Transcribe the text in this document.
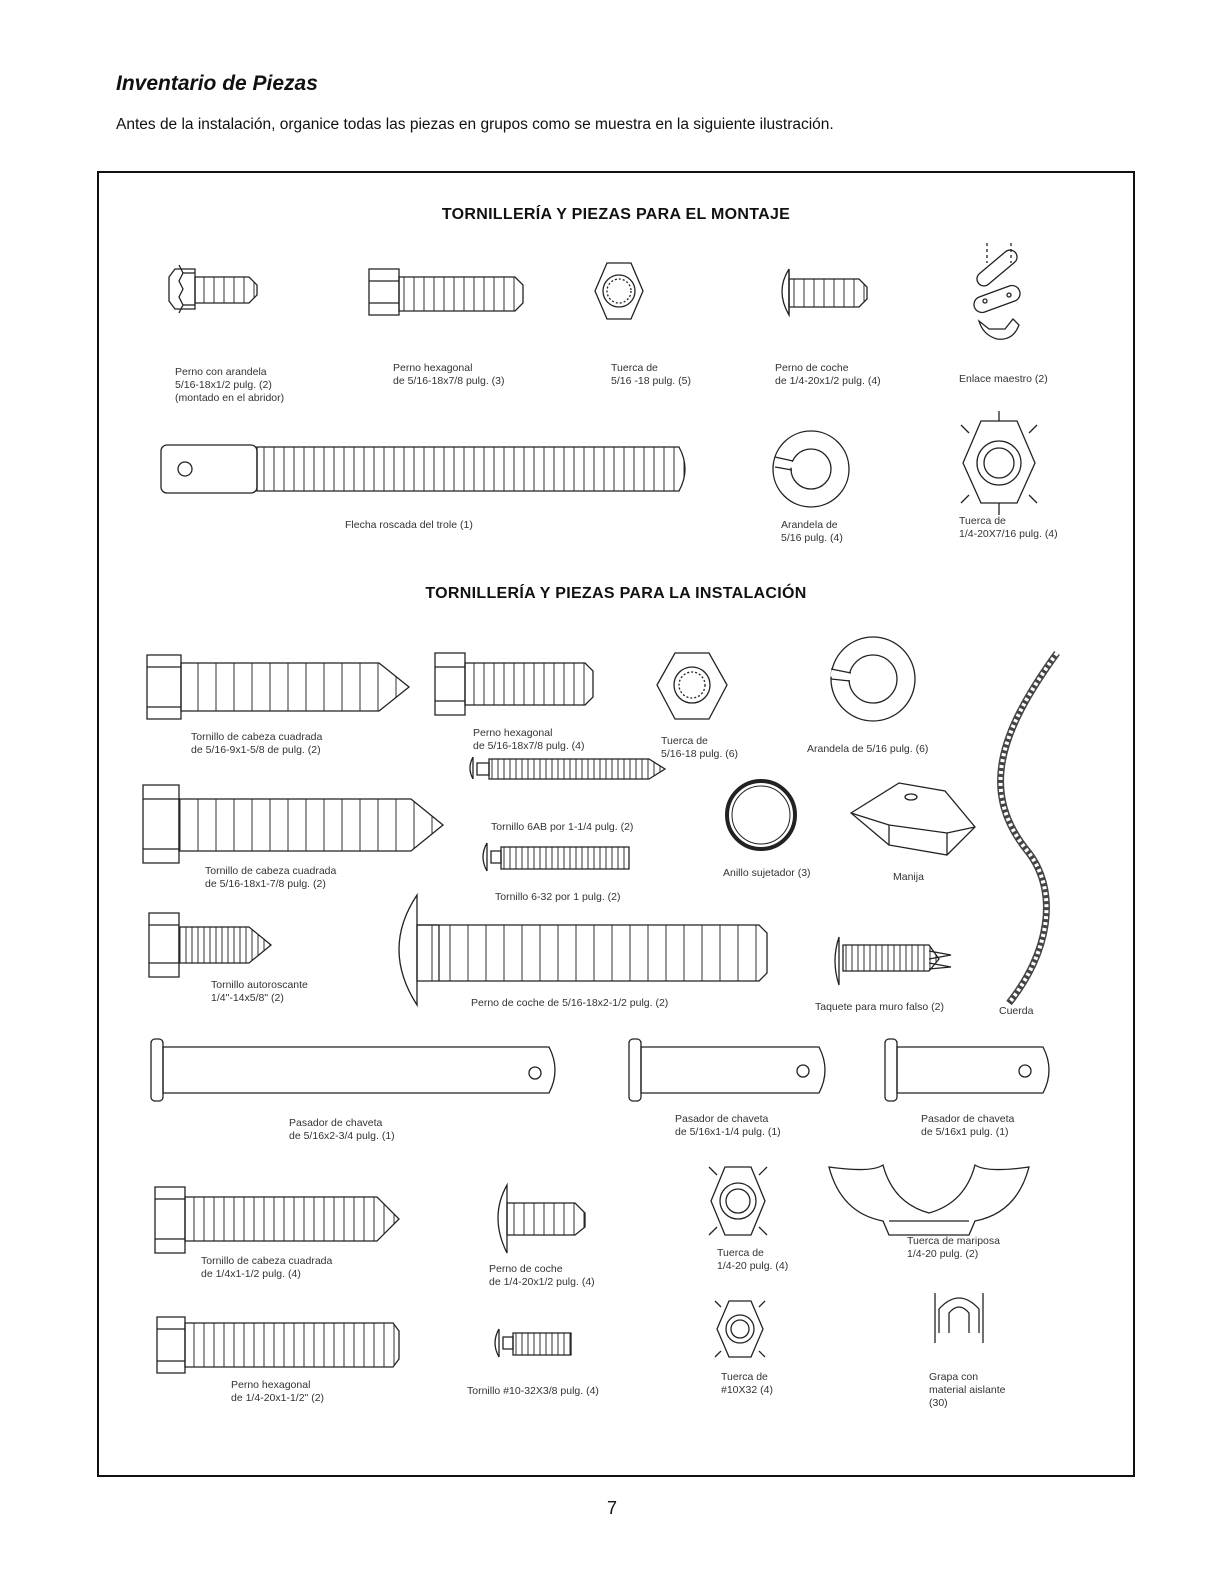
Inventario de Piezas

Antes de la instalación, organice todas las piezas en grupos como se muestra en la siguiente ilustración.

TORNILLERÍA Y PIEZAS PARA EL MONTAJE
Perno con arandela
5/16-18x1/2 pulg. (2)
(montado en el abridor)
Perno hexagonal
de 5/16-18x7/8 pulg. (3)
Tuerca de
5/16 -18 pulg. (5)
Perno de coche
de 1/4-20x1/2 pulg. (4)	Enlace maestro (2)
Flecha roscada del trole (1)	Arandela de
5/16 pulg. (4)
Tuerca de
1/4-20X7/16 pulg. (4)
TORNILLERÍA Y PIEZAS PARA LA INSTALACIÓN
Tornillo de cabeza cuadrada
de 5/16-9x1-5/8 de pulg. (2)
Perno hexagonal
de 5/16-18x7/8 pulg. (4)	Tuerca de
5/16-18 pulg. (6)	Arandela de 5/16 pulg. (6)
Tornillo de cabeza cuadrada
de 5/16-18x1-7/8 pulg. (2)
Tornillo 6AB por 1-1/4 pulg. (2)
Tornillo 6-32 por 1 pulg. (2)
Anillo sujetador (3)	Manija
Tornillo autoroscante
1/4"-14x5/8" (2)	Perno de coche de 5/16-18x2-1/2 pulg. (2)	Taquete para muro falso (2)	Cuerda
Pasador de chaveta
de 5/16x2-3/4 pulg. (1)
Pasador de chaveta
de 5/16x1-1/4 pulg. (1)
Pasador de chaveta
de 5/16x1 pulg. (1)
Tornillo de cabeza cuadrada
de 1/4x1-1/2 pulg. (4)	Perno de coche
de 1/4-20x1/2 pulg. (4)
Tuerca de
1/4-20 pulg. (4)
Tuerca de mariposa
1/4-20 pulg. (2)
Perno hexagonal
de 1/4-20x1-1/2" (2)
Tornillo #10-32X3/8 pulg. (4)
Tuerca de
#10X32 (4)
Grapa con
material aislante
(30)
7
